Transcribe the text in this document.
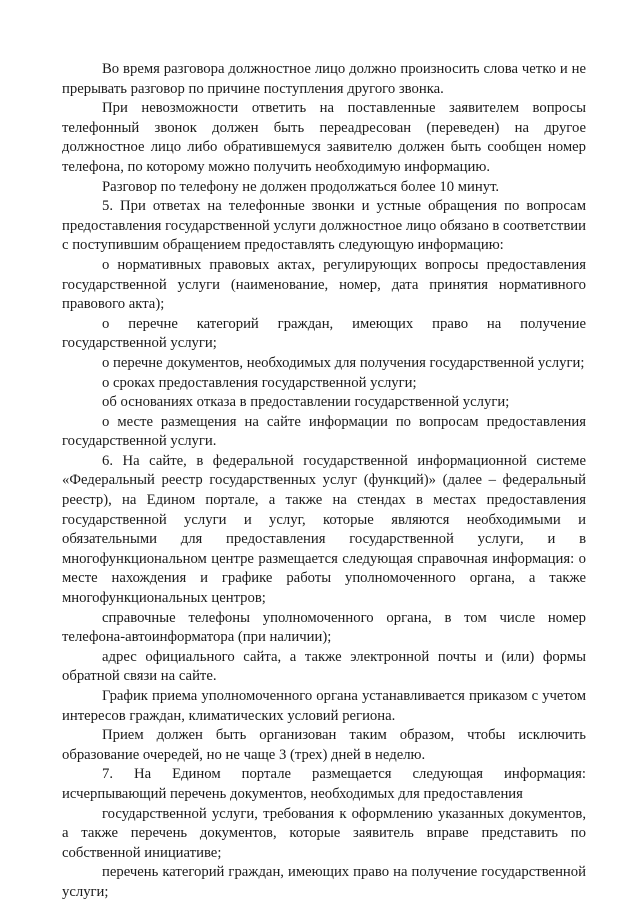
Во время разговора должностное лицо должно произносить слова четко и не прерывать разговор по причине поступления другого звонка.

При невозможности ответить на поставленные заявителем вопросы телефонный звонок должен быть переадресован (переведен) на другое должностное лицо либо обратившемуся заявителю должен быть сообщен номер телефона, по которому можно получить необходимую информацию.

Разговор по телефону не должен продолжаться более 10 минут.

5. При ответах на телефонные звонки и устные обращения по вопросам предоставления государственной услуги должностное лицо обязано в соответствии с поступившим обращением предоставлять следующую информацию:

о нормативных правовых актах, регулирующих вопросы предоставления государственной услуги (наименование, номер, дата принятия нормативного правового акта);

о перечне категорий граждан, имеющих право на получение государственной услуги;

о перечне документов, необходимых для получения государственной услуги;

о сроках предоставления государственной услуги;

об основаниях отказа в предоставлении государственной услуги;

о месте размещения на сайте информации по вопросам предоставления государственной услуги.

6. На сайте, в федеральной государственной информационной системе «Федеральный реестр государственных услуг (функций)» (далее – федеральный реестр), на Едином портале, а также на стендах в местах предоставления государственной услуги и услуг, которые являются необходимыми и обязательными для предоставления государственной услуги, и в многофункциональном центре размещается следующая справочная информация: о месте нахождения и графике работы уполномоченного органа, а также многофункциональных центров;

справочные телефоны уполномоченного органа, в том числе номер телефона-автоинформатора (при наличии);

адрес официального сайта, а также электронной почты и (или) формы обратной связи на сайте.

График приема уполномоченного органа устанавливается приказом с учетом интересов граждан, климатических условий региона.

Прием должен быть организован таким образом, чтобы исключить образование очередей, но не чаще 3 (трех) дней в неделю.

7. На Едином портале размещается следующая информация: исчерпывающий перечень документов, необходимых для предоставления

государственной услуги, требования к оформлению указанных документов, а также перечень документов, которые заявитель вправе представить по собственной инициативе;

перечень категорий граждан, имеющих право на получение государственной услуги;
